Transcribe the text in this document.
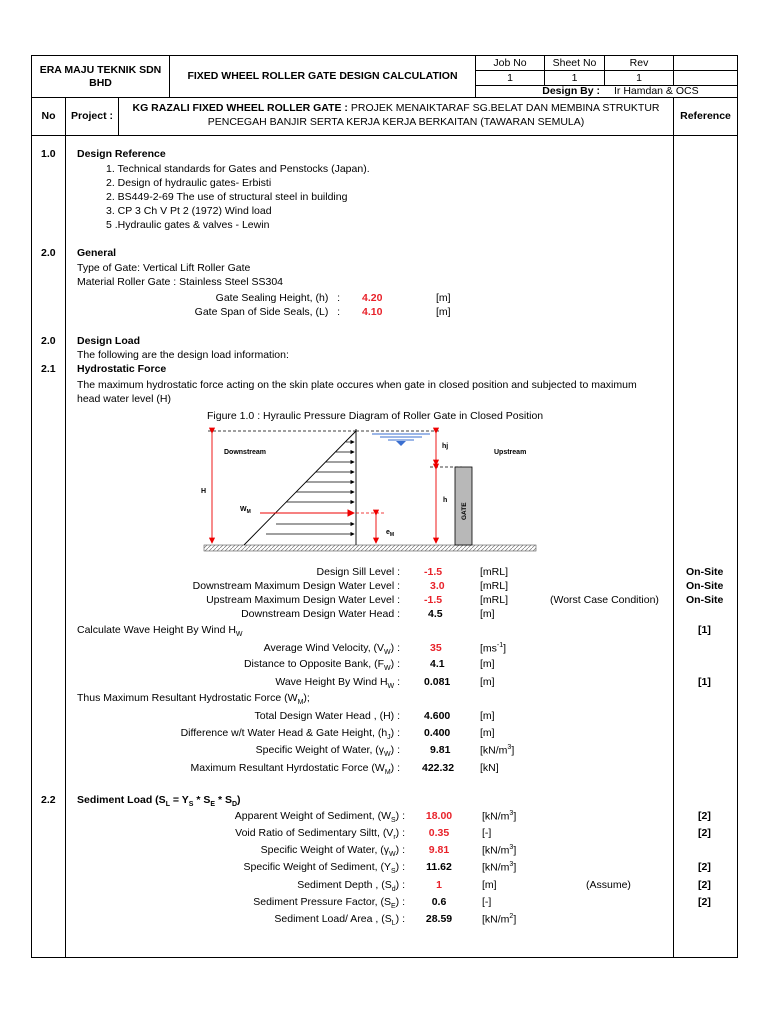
ERA MAJU TEKNIK SDN BHD
FIXED WHEEL ROLLER GATE DESIGN CALCULATION
Job No	Sheet No	Rev
1	1	1
Design By :	Ir Hamdan & OCS
No	Project :
KG RAZALI FIXED WHEEL ROLLER GATE : PROJEK MENAIKTARAF SG.BELAT DAN MEMBINA STRUKTUR
PENCEGAH BANJIR SERTA KERJA KERJA BERKAITAN (TAWARAN SEMULA)	Reference
1.0 Design Reference
1. Technical standards for Gates and Penstocks (Japan).
2. Design of hydraulic gates- Erbisti
2. BS449-2-69 The use of structural steel in building
3. CP 3 Ch V Pt 2 (1972) Wind load
5 .Hydraulic gates & valves - Lewin
2.0 General
Type of Gate: Vertical Lift Roller Gate
Material Roller Gate : Stainless Steel SS304
Gate Sealing Height, (h)   : 4.20	[m]
Gate Span of Side Seals, (L)   : 4.10	[m]
2.0 Design Load
The following are the design load information:
2.1 Hydrostatic Force
The maximum hydrostatic force acting on the skin plate occures when gate in closed position and subjected to maximum
head water level (H)
Figure 1.0 : Hyraulic Pressure Diagram of Roller Gate in Closed Position
Downstream	Upstream
H
hj
h
$W_M$
$e_M$
GATE
Design Sill Level : -1.5	[mRL]	On-Site
Downstream Maximum Design Water Level :	3.0	[mRL]	On-Site
Upstream Maximum Design Water Level : -1.5	[mRL]	(Worst Case Condition)	On-Site
Downstream Design Water Head :	4.5	[m]
Calculate Wave Height By Wind $H_W$	[1]
Average Wind Velocity, $(V_W)$ :	35	$[ms^{-1}]$
Distance to Opposite Bank, $(F_W)$ :	4.1	[m]
Wave Height By Wind $H_W$ : 0.081	[m]	[1]
Thus Maximum Resultant Hydrostatic Force $(W_M)$;
Total Design Water Head , (H) : 4.600	[m]
Difference w/t Water Head & Gate Height, $(h_J)$ : 0.400	[m]
Specific Weight of Water, $(\gamma_W)$ :	9.81	$[kN/m^3]$
Maximum Resultant Hyrdostatic Force $(W_M)$ : 422.32 [kN]
2.2 Sediment Load $(S_L = Y_S * S_E * S_D)$
Apparent Weight of Sediment, $(W_S)$ :	18.00	$[kN/m^3]$	[2]
Void Ratio of Sedimentary Siltt, $(V_r)$ :	0.35	[-]	[2]
Specific Weight of Water, $(\gamma_W)$ :	9.81	$[kN/m^3]$
Specific Weight of Sediment, $(Y_S)$ :	11.62	$[kN/m^3]$	[2]
Sediment Depth , $(S_d)$ :	1	[m]	(Assume)	[2]
Sediment Pressure Factor, $(S_E)$ :	0.6	[-]	[2]
Sediment Load/ Area , $(S_L)$ :	28.59	$[kN/m^2]$
